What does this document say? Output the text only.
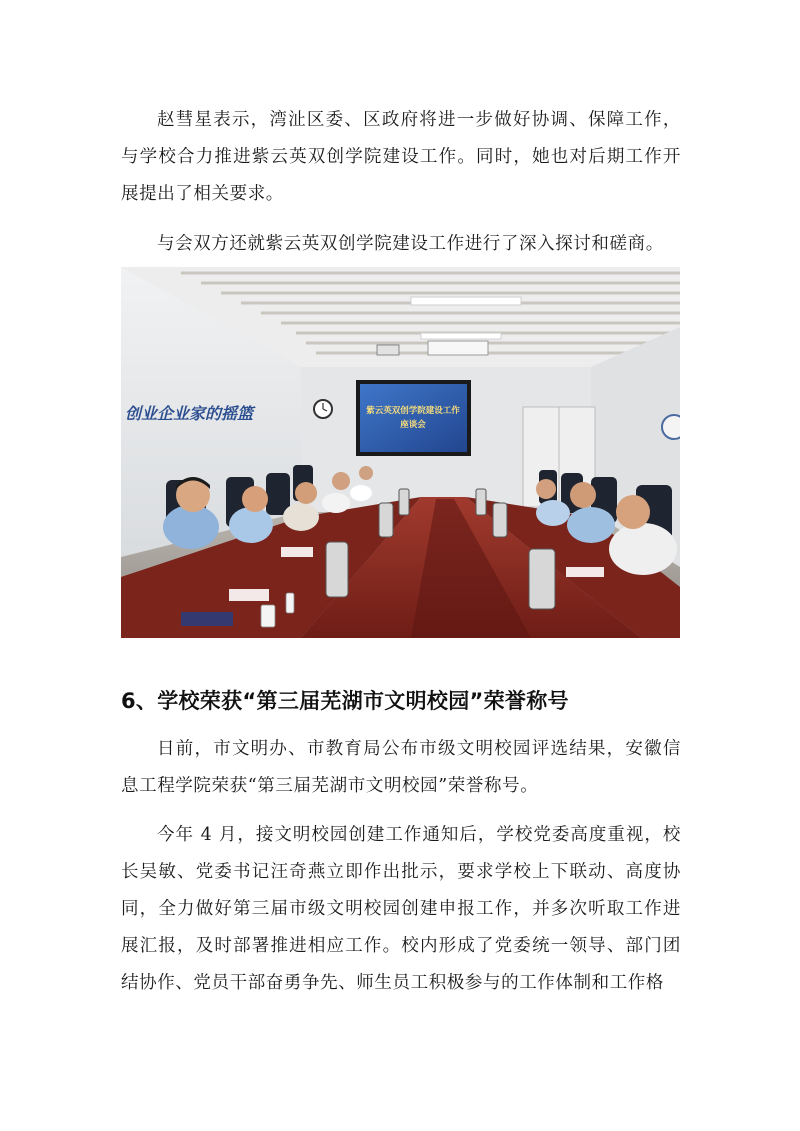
赵彗星表示，湾沚区委、区政府将进一步做好协调、保障工作，与学校合力推进紫云英双创学院建设工作。同时，她也对后期工作开展提出了相关要求。

与会双方还就紫云英双创学院建设工作进行了深入探讨和磋商。

创业企业家的摇篮	紫云英双创学院建设工作
座谈会
6、学校荣获“第三届芜湖市文明校园”荣誉称号

日前，市文明办、市教育局公布市级文明校园评选结果，安徽信息工程学院荣获“第三届芜湖市文明校园”荣誉称号。

今年 4 月，接文明校园创建工作通知后，学校党委高度重视，校长吴敏、党委书记汪奇燕立即作出批示，要求学校上下联动、高度协同，全力做好第三届市级文明校园创建申报工作，并多次听取工作进展汇报，及时部署推进相应工作。校内形成了党委统一领导、部门团结协作、党员干部奋勇争先、师生员工积极参与的工作体制和工作格
